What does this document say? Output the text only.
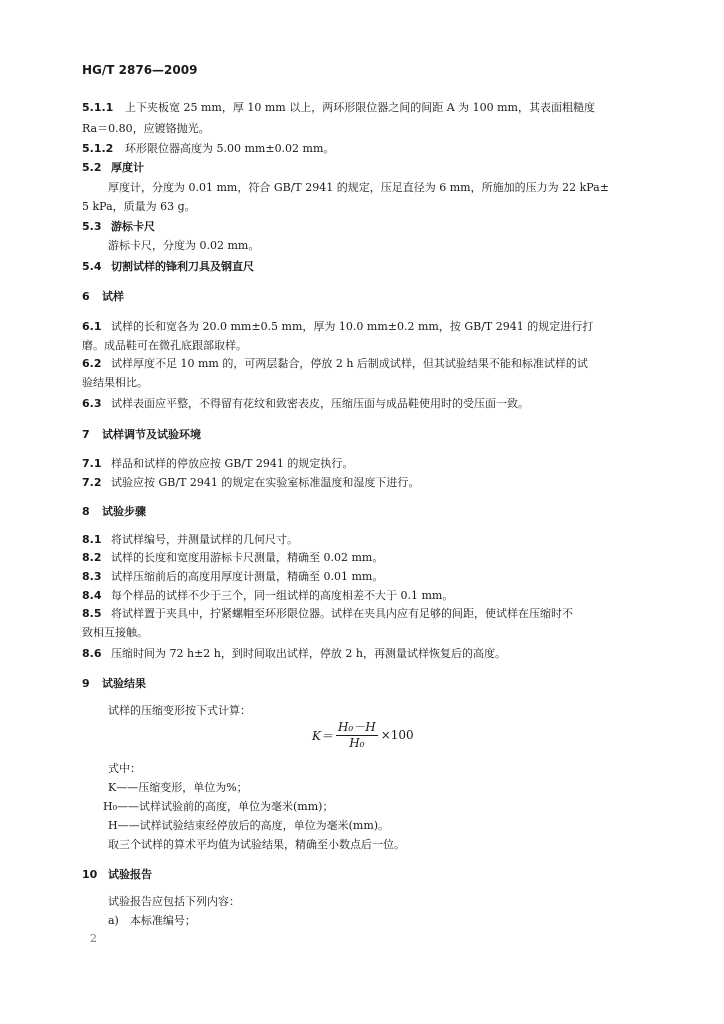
HG/T 2876—2009
5.1.1 上下夹板宽 25 mm，厚 10 mm 以上，两环形限位器之间的间距 A 为 100 mm，其表面粗糙度
Ra＝0.80，应镀铬抛光。
5.1.2 环形限位器高度为 5.00 mm±0.02 mm。
5.2 厚度计
厚度计，分度为 0.01 mm，符合 GB/T 2941 的规定，压足直径为 6 mm，所施加的压力为 22 kPa±
5 kPa，质量为 63 g。
5.3 游标卡尺
游标卡尺，分度为 0.02 mm。
5.4 切割试样的锋利刀具及钢直尺
6 试样
6.1 试样的长和宽各为 20.0 mm±0.5 mm，厚为 10.0 mm±0.2 mm，按 GB/T 2941 的规定进行打
磨。成品鞋可在微孔底跟部取样。
6.2 试样厚度不足 10 mm 的，可两层黏合，停放 2 h 后制成试样，但其试验结果不能和标准试样的试
验结果相比。
6.3 试样表面应平整，不得留有花纹和致密表皮，压缩压面与成品鞋使用时的受压面一致。
7 试样调节及试验环境
7.1 样品和试样的停放应按 GB/T 2941 的规定执行。
7.2 试验应按 GB/T 2941 的规定在实验室标准温度和湿度下进行。
8 试验步骤
8.1 将试样编号，并测量试样的几何尺寸。
8.2 试样的长度和宽度用游标卡尺测量，精确至 0.02 mm。
8.3 试样压缩前后的高度用厚度计测量，精确至 0.01 mm。
8.4 每个样品的试样不少于三个，同一组试样的高度相差不大于 0.1 mm。
8.5 将试样置于夹具中，拧紧螺帽至环形限位器。试样在夹具内应有足够的间距，使试样在压缩时不
致相互接触。
8.6 压缩时间为 72 h±2 h，到时间取出试样，停放 2 h，再测量试样恢复后的高度。
9 试验结果
试样的压缩变形按下式计算：
$K= \frac{\text{H₀－H}}{\text{H₀}} \times 100$
式中：
K——压缩变形，单位为%；
H₀——试样试验前的高度，单位为毫米(mm)；
H——试样试验结束经停放后的高度，单位为毫米(mm)。
取三个试样的算术平均值为试验结果，精确至小数点后一位。
10 试验报告
试验报告应包括下列内容：
a)　本标准编号；
2
